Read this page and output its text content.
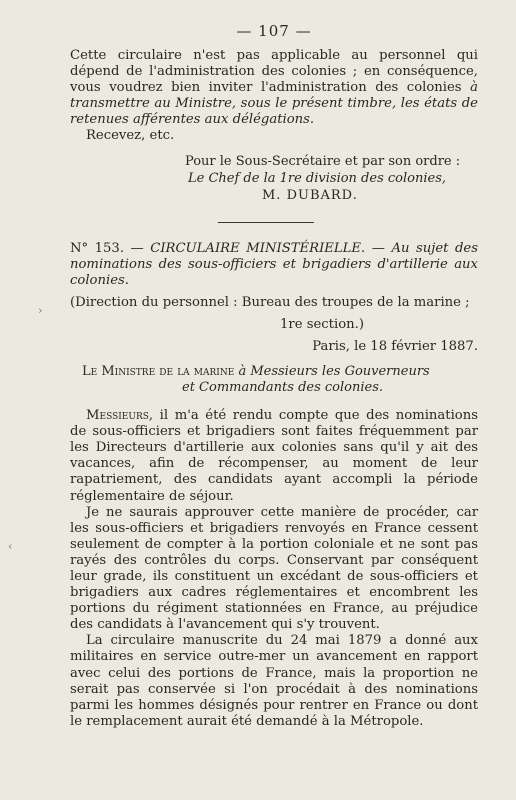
— 107 —

Cette circulaire n'est pas applicable au personnel qui dépend de l'administration des colonies ; en conséquence, vous voudrez bien inviter l'administration des colonies à transmettre au Ministre, sous le présent timbre, les états de retenues afférentes aux délégations.

Recevez, etc.

Pour le Sous-Secrétaire et par son ordre :
Le Chef de la 1re division des colonies,
M. DUBARD.

N° 153. — CIRCULAIRE MINISTÉRIELLE. — Au sujet des nominations des sous-officiers et brigadiers d'artillerie aux colonies.

(Direction du personnel : Bureau des troupes de la marine ;
1re section.)
Paris, le 18 février 1887.
Le Ministre de la marine à Messieurs les Gouverneurs
et Commandants des colonies.

Messieurs, il m'a été rendu compte que des nominations de sous-officiers et brigadiers sont faites fréquemment par les Directeurs d'artillerie aux colonies sans qu'il y ait des vacances, afin de récompenser, au moment de leur rapatriement, des candidats ayant accompli la période réglementaire de séjour.

Je ne saurais approuver cette manière de procéder, car les sous-officiers et brigadiers renvoyés en France cessent seulement de compter à la portion coloniale et ne sont pas rayés des contrôles du corps. Conservant par conséquent leur grade, ils constituent un excédant de sous-officiers et brigadiers aux cadres réglementaires et encombrent les portions du régiment stationnées en France, au préjudice des candidats à l'avancement qui s'y trouvent.

La circulaire manuscrite du 24 mai 1879 a donné aux militaires en service outre-mer un avancement en rapport avec celui des portions de France, mais la proportion ne serait pas conservée si l'on procédait à des nominations parmi les hommes désignés pour rentrer en France ou dont le remplacement aurait été demandé à la Métropole.

›
‹
